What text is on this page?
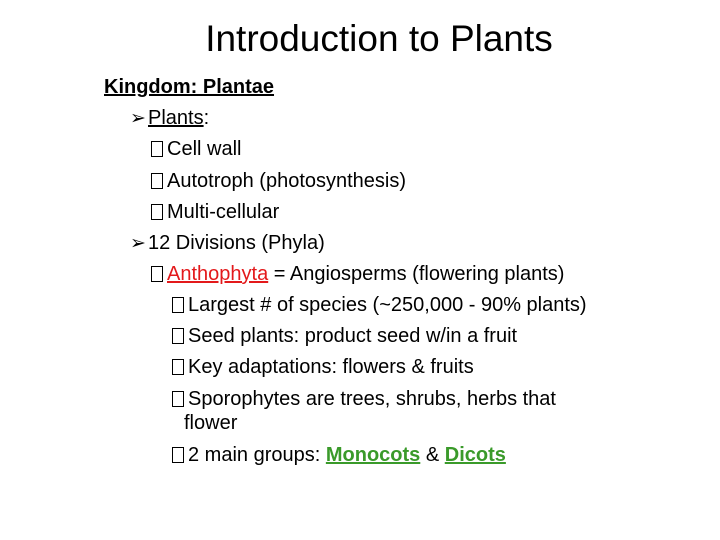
Introduction to Plants
Kingdom: Plantae
➢ Plants:
Cell wall
Autotroph (photosynthesis)
Multi-cellular
➢ 12 Divisions (Phyla)
Anthophyta = Angiosperms (flowering plants)
Largest # of species (~250,000 - 90% plants)
Seed plants: product seed w/in a fruit
Key adaptations: flowers & fruits
Sporophytes are trees, shrubs, herbs that
flower
2 main groups: Monocots & Dicots
